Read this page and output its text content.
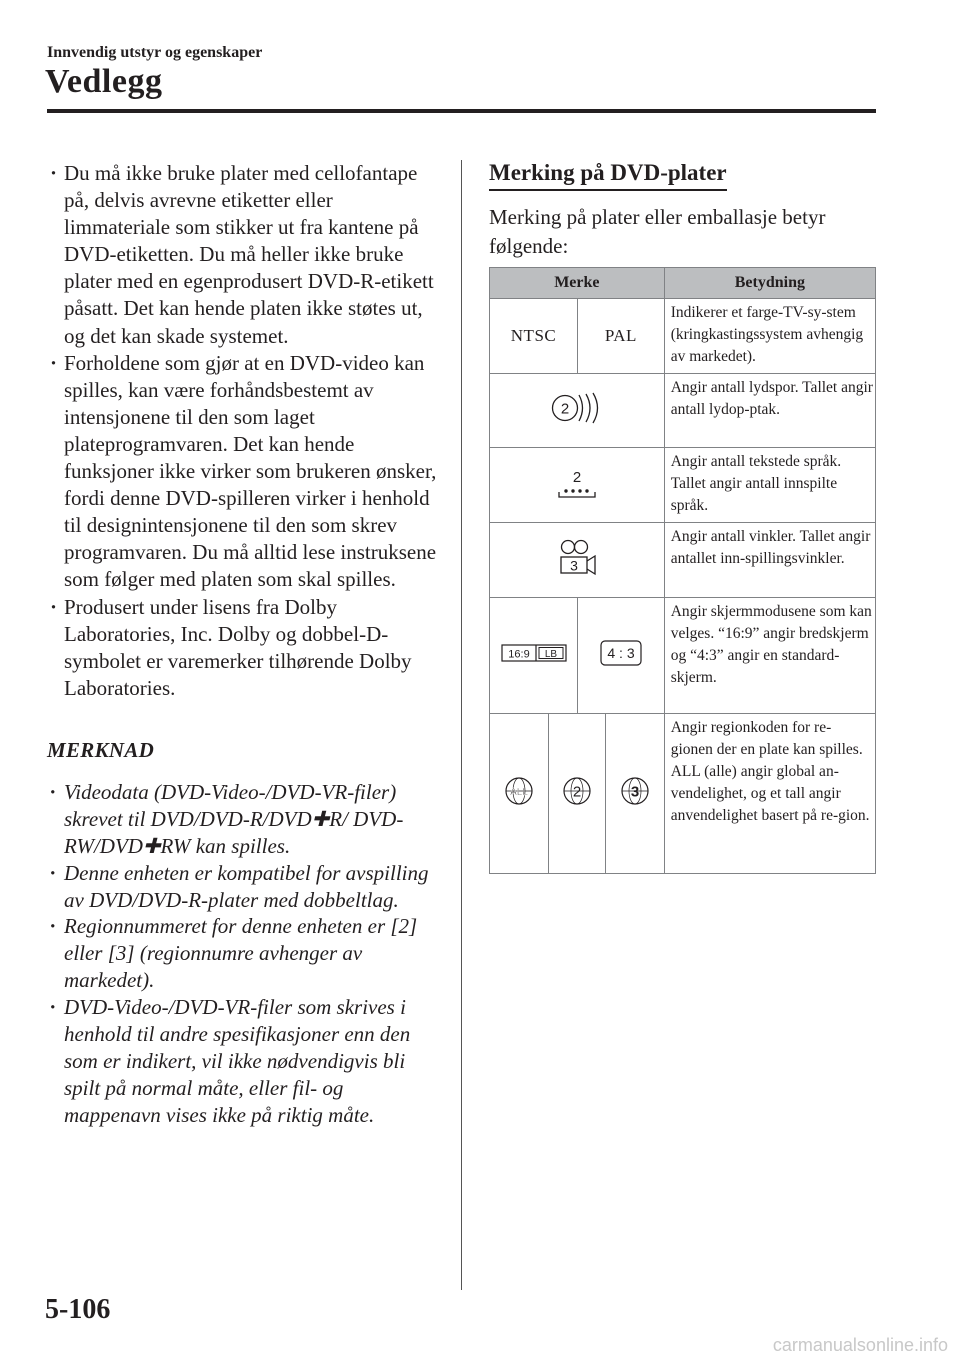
Innvendig utstyr og egenskaper
Vedlegg
· Du må ikke bruke plater med cellofantape på, delvis avrevne etiketter eller limmateriale som stikker ut fra kantene på DVD-etiketten. Du må heller ikke bruke plater med en egenprodusert DVD-R-etikett påsatt. Det kan hende platen ikke støtes ut, og det kan skade systemet.
· Forholdene som gjør at en DVD-video kan spilles, kan være forhåndsbestemt av intensjonene til den som laget plateprogramvaren. Det kan hende funksjoner ikke virker som brukeren ønsker, fordi denne DVD-spilleren virker i henhold til designintensjonene til den som skrev programvaren. Du må alltid lese instruksene som følger med platen som skal spilles.
· Produsert under lisens fra Dolby Laboratories, Inc. Dolby og dobbel-D-symbolet er varemerker tilhørende Dolby Laboratories.
MERKNAD
· Videodata (DVD-Video-/DVD-VR-filer) skrevet til DVD/DVD-R/DVD✚R/ DVD-RW/DVD✚RW kan spilles.
· Denne enheten er kompatibel for avspilling av DVD/DVD-R-plater med dobbeltlag.
· Regionnummeret for denne enheten er [2] eller [3] (regionnumre avhenger av markedet).
· DVD-Video-/DVD-VR-filer som skrives i henhold til andre spesifikasjoner enn den som er indikert, vil ikke nødvendigvis bli spilt på normal måte, eller fil- og mappenavn vises ikke på riktig måte.
Merking på DVD-plater
Merking på plater eller emballasje betyr følgende:
Merke				Betydning
NTSC		PAL		Indikerer et farge-TV-sy-stem (kringkastingssystem avhengig av markedet).

2				Angir antall lydspor. Tallet angir antall lydop-ptak.

2				Angir antall tekstede språk. Tallet angir antall innspilte språk.

3				Angir antall vinkler. Tallet angir antallet inn-spillingsvinkler.

16:9 LB		4 : 3		Angir skjermmodusene som kan velges. “16:9” angir bredskjerm og “4:3” angir en standard-skjerm.

ALL	2		3	Angir regionkoden for re-gionen der en plate kan spilles. ALL (alle) angir global an-vendelighet, og et tall angir anvendelighet basert på re-gion.
5-106
carmanualsonline.info
